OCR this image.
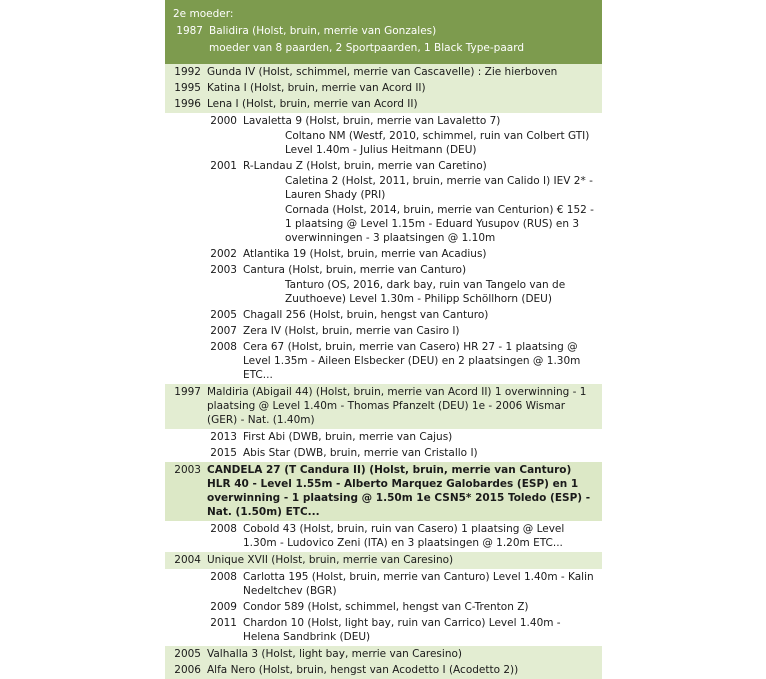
2e moeder:
1987 Balidira (Holst, bruin, merrie van Gonzales)
moeder van 8 paarden, 2 Sportpaarden, 1 Black Type-paard
1992 Gunda IV (Holst, schimmel, merrie van Cascavelle) : Zie hierboven
1995 Katina I (Holst, bruin, merrie van Acord II)
1996 Lena I (Holst, bruin, merrie van Acord II)
2000 Lavaletta 9 (Holst, bruin, merrie van Lavaletto 7)
Coltano NM (Westf, 2010, schimmel, ruin van Colbert GTI) Level 1.40m - Julius Heitmann (DEU)
2001 R-Landau Z (Holst, bruin, merrie van Caretino)
Caletina 2 (Holst, 2011, bruin, merrie van Calido I) IEV 2* - Lauren Shady (PRI)
Cornada (Holst, 2014, bruin, merrie van Centurion) € 152 - 1 plaatsing @ Level 1.15m - Eduard Yusupov (RUS) en 3 overwinningen - 3 plaatsingen @ 1.10m
2002 Atlantika 19 (Holst, bruin, merrie van Acadius)
2003 Cantura (Holst, bruin, merrie van Canturo)
Tanturo (OS, 2016, dark bay, ruin van Tangelo van de Zuuthoeve) Level 1.30m - Philipp Schöllhorn (DEU)
2005 Chagall 256 (Holst, bruin, hengst van Canturo)
2007 Zera IV (Holst, bruin, merrie van Casiro I)
2008 Cera 67 (Holst, bruin, merrie van Casero) HR 27 - 1 plaatsing @ Level 1.35m - Aileen Elsbecker (DEU) en 2 plaatsingen @ 1.30m ETC...
1997 Maldiria (Abigail 44) (Holst, bruin, merrie van Acord II) 1 overwinning - 1 plaatsing @ Level 1.40m - Thomas Pfanzelt (DEU) 1e - 2006 Wismar (GER) - Nat. (1.40m)
2013 First Abi (DWB, bruin, merrie van Cajus)
2015 Abis Star (DWB, bruin, merrie van Cristallo I)
2003 CANDELA 27 (T Candura II) (Holst, bruin, merrie van Canturo) HLR 40 - Level 1.55m - Alberto Marquez Galobardes (ESP) en 1 overwinning - 1 plaatsing @ 1.50m 1e CSN5* 2015 Toledo (ESP) - Nat. (1.50m) ETC...
2008 Cobold 43 (Holst, bruin, ruin van Casero) 1 plaatsing @ Level 1.30m - Ludovico Zeni (ITA) en 3 plaatsingen @ 1.20m ETC...
2004 Unique XVII (Holst, bruin, merrie van Caresino)
2008 Carlotta 195 (Holst, bruin, merrie van Canturo) Level 1.40m - Kalin Nedeltchev (BGR)
2009 Condor 589 (Holst, schimmel, hengst van C-Trenton Z)
2011 Chardon 10 (Holst, light bay, ruin van Carrico) Level 1.40m - Helena Sandbrink (DEU)
2005 Valhalla 3 (Holst, light bay, merrie van Caresino)
2006 Alfa Nero (Holst, bruin, hengst van Acodetto I (Acodetto 2))
